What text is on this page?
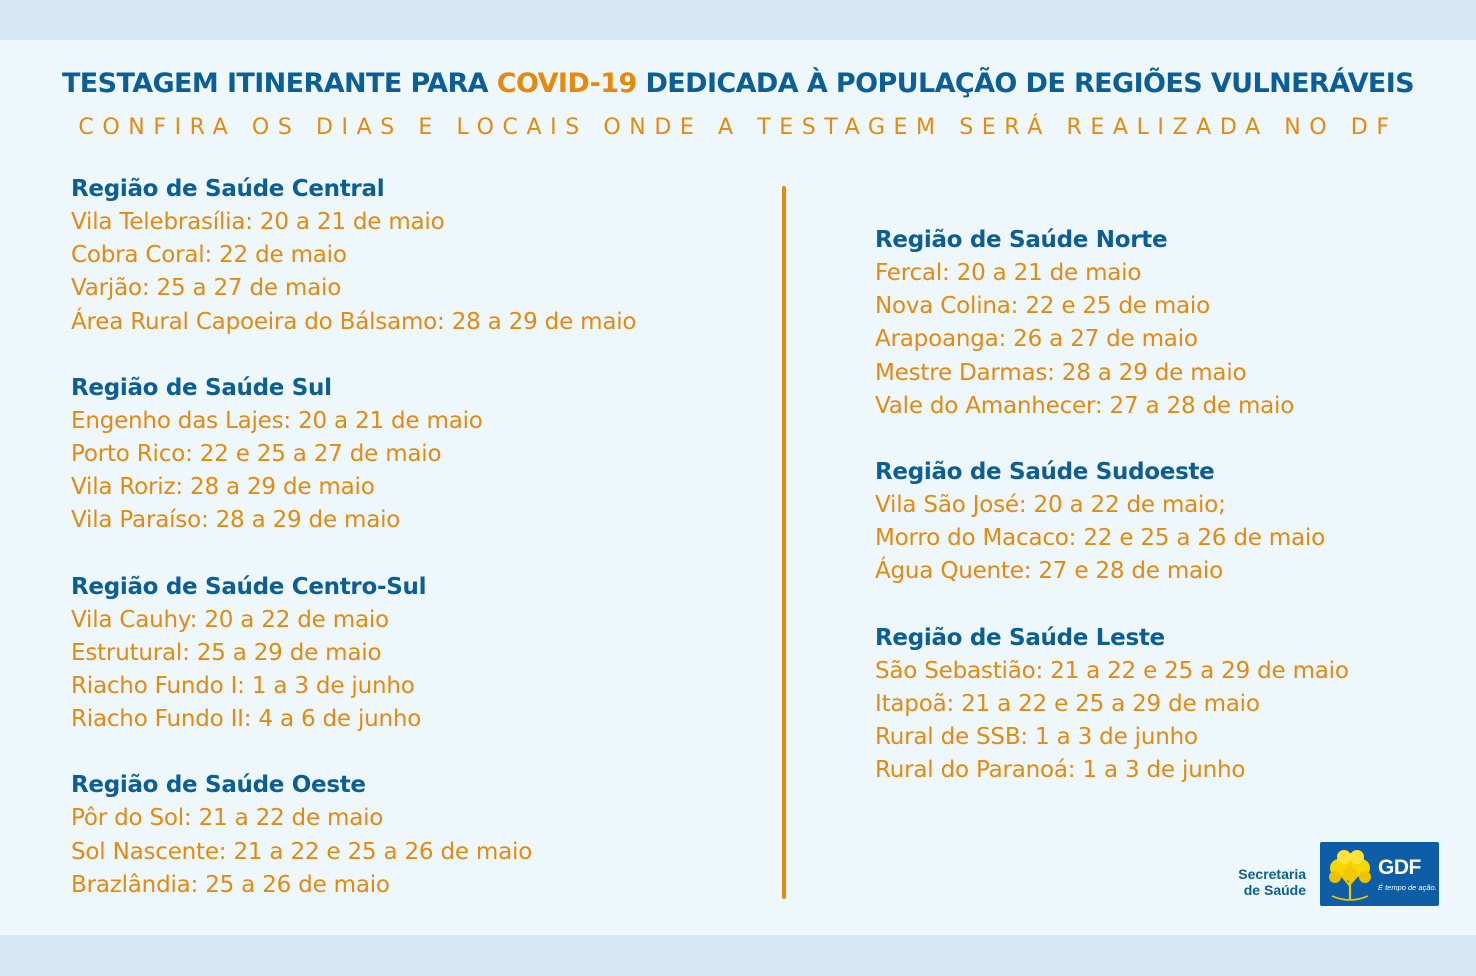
TESTAGEM ITINERANTE PARA COVID-19 DEDICADA À POPULAÇÃO DE REGIÕES VULNERÁVEIS
CONFIRA OS DIAS E LOCAIS ONDE A TESTAGEM SERÁ REALIZADA NO DF
Região de Saúde Central
Vila Telebrasília: 20 a 21 de maio
Cobra Coral: 22 de maio
Varjão: 25 a 27 de maio
Área Rural Capoeira do Bálsamo: 28 a 29 de maio
Região de Saúde Sul
Engenho das Lajes: 20 a 21 de maio
Porto Rico: 22 e 25 a 27 de maio
Vila Roriz: 28 a 29 de maio
Vila Paraíso: 28 a 29 de maio
Região de Saúde Centro-Sul
Vila Cauhy: 20 a 22 de maio
Estrutural: 25 a 29 de maio
Riacho Fundo I: 1 a 3 de junho
Riacho Fundo II: 4 a 6 de junho
Região de Saúde Oeste
Pôr do Sol: 21 a 22 de maio
Sol Nascente: 21 a 22 e 25 a 26 de maio
Brazlândia: 25 a 26 de maio
Região de Saúde Norte
Fercal: 20 a 21 de maio
Nova Colina: 22 e 25 de maio
Arapoanga: 26 a 27 de maio
Mestre Darmas: 28 a 29 de maio
Vale do Amanhecer: 27 a 28 de maio
Região de Saúde Sudoeste
Vila São José: 20 a 22 de maio;
Morro do Macaco: 22 e 25 a 26 de maio
Água Quente: 27 e 28 de maio
Região de Saúde Leste
São Sebastião: 21 a 22 e 25 a 29 de maio
Itapoã: 21 a 22 e 25 a 29 de maio
Rural de SSB: 1 a 3 de junho
Rural do Paranoá: 1 a 3 de junho
Secretaria
de Saúde
GDF
É tempo de ação.
